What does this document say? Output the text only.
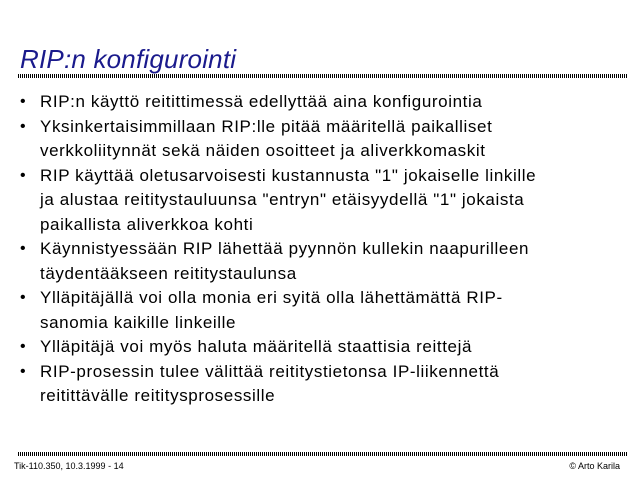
RIP:n konfigurointi
• RIP:n käyttö reitittimessä edellyttää aina konfigurointia
• Yksinkertaisimmillaan RIP:lle pitää määritellä paikalliset
verkkoliitynnät sekä näiden osoitteet ja aliverkkomaskit
• RIP käyttää oletusarvoisesti kustannusta "1" jokaiselle linkille
ja alustaa reititystauluunsa "entryn" etäisyydellä "1" jokaista
paikallista aliverkkoa kohti
• Käynnistyessään RIP lähettää pyynnön kullekin naapurilleen
täydentääkseen reititystaulunsa
• Ylläpitäjällä voi olla monia eri syitä olla lähettämättä RIP-
sanomia kaikille linkeille
• Ylläpitäjä voi myös haluta määritellä staattisia reittejä
• RIP-prosessin tulee välittää reititystietonsa IP-liikennettä
reitittävälle reititysprosessille
Tik-110.350, 10.3.1999 - 14	© Arto Karila
